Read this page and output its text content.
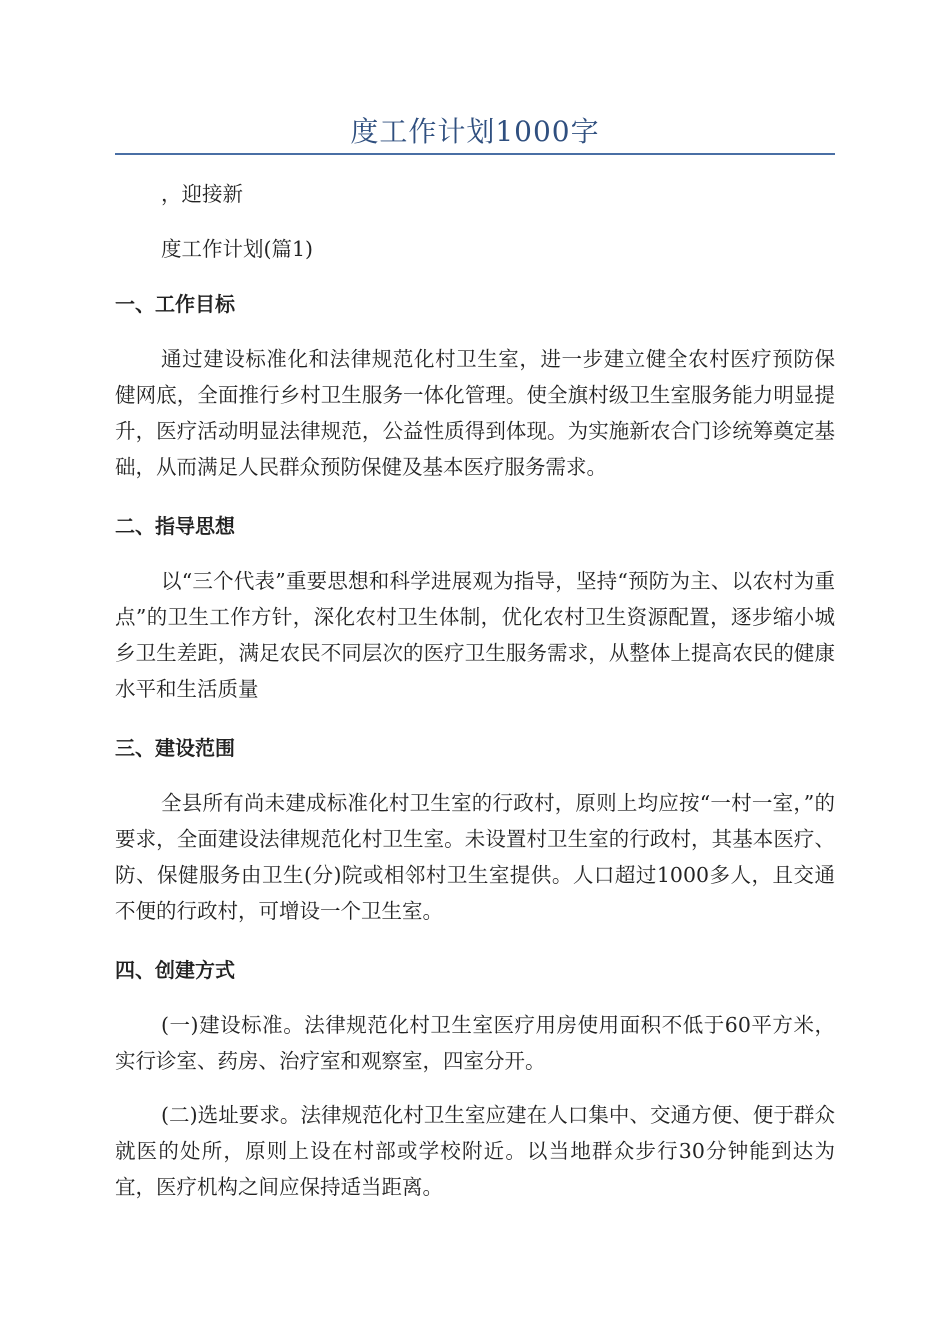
度工作计划1000字

，迎接新

度工作计划(篇1)

一、工作目标

通过建设标准化和法律规范化村卫生室，进一步建立健全农村医疗预防保健网底，全面推行乡村卫生服务一体化管理。使全旗村级卫生室服务能力明显提升，医疗活动明显法律规范，公益性质得到体现。为实施新农合门诊统筹奠定基础，从而满足人民群众预防保健及基本医疗服务需求。

二、指导思想

以“三个代表”重要思想和科学进展观为指导，坚持“预防为主、以农村为重点”的卫生工作方针，深化农村卫生体制，优化农村卫生资源配置，逐步缩小城乡卫生差距，满足农民不同层次的医疗卫生服务需求，从整体上提高农民的健康水平和生活质量

三、建设范围

全县所有尚未建成标准化村卫生室的行政村，原则上均应按“一村一室，”的要求，全面建设法律规范化村卫生室。未设置村卫生室的行政村，其基本医疗、防、保健服务由卫生(分)院或相邻村卫生室提供。人口超过1000多人，且交通不便的行政村，可增设一个卫生室。

四、创建方式

(一)建设标准。法律规范化村卫生室医疗用房使用面积不低于60平方米，实行诊室、药房、治疗室和观察室，四室分开。

(二)选址要求。法律规范化村卫生室应建在人口集中、交通方便、便于群众就医的处所，原则上设在村部或学校附近。以当地群众步行30分钟能到达为宜，医疗机构之间应保持适当距离。
